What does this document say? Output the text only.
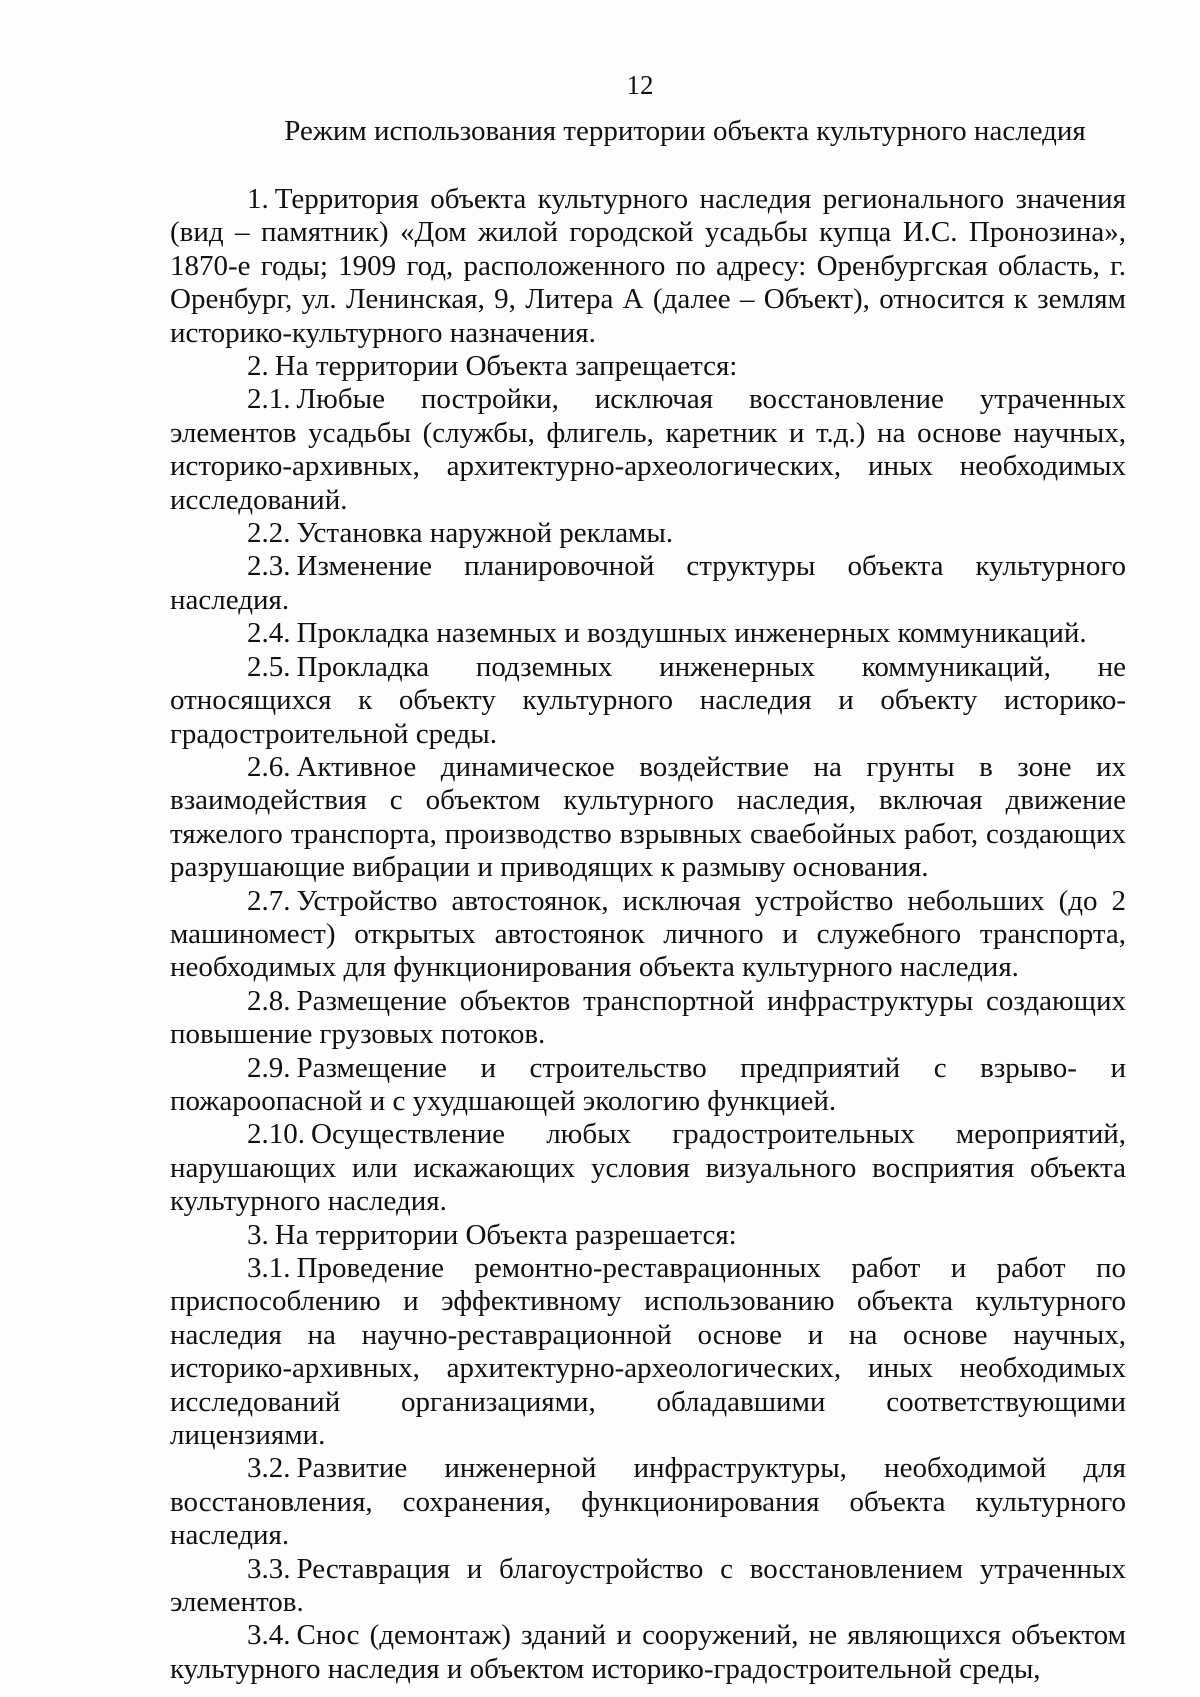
12
Режим использования территории объекта культурного наследия

1. Территория объекта культурного наследия регионального значения (вид – памятник) «Дом жилой городской усадьбы купца И.С. Пронозина», 1870-е годы; 1909 год, расположенного по адресу: Оренбургская область, г. Оренбург, ул. Ленинская, 9, Литера А (далее – Объект), относится к землям историко-культурного назначения.

2. На территории Объекта запрещается:

2.1. Любые постройки, исключая восстановление утраченных элементов усадьбы (службы, флигель, каретник и т.д.) на основе научных, историко-архивных, архитектурно-археологических, иных необходимых исследований.

2.2. Установка наружной рекламы.

2.3. Изменение планировочной структуры объекта культурного наследия.

2.4. Прокладка наземных и воздушных инженерных коммуникаций.

2.5. Прокладка подземных инженерных коммуникаций, не относящихся к объекту культурного наследия и объекту историко-градостроительной среды.

2.6. Активное динамическое воздействие на грунты в зоне их взаимодействия с объектом культурного наследия, включая движение тяжелого транспорта, производство взрывных сваебойных работ, создающих разрушающие вибрации и приводящих к размыву основания.

2.7. Устройство автостоянок, исключая устройство небольших (до 2 машиномест) открытых автостоянок личного и служебного транспорта, необходимых для функционирования объекта культурного наследия.

2.8. Размещение объектов транспортной инфраструктуры создающих повышение грузовых потоков.

2.9. Размещение и строительство предприятий с взрыво- и пожароопасной и с ухудшающей экологию функцией.

2.10. Осуществление любых градостроительных мероприятий, нарушающих или искажающих условия визуального восприятия объекта культурного наследия.

3. На территории Объекта разрешается:

3.1. Проведение ремонтно-реставрационных работ и работ по приспособлению и эффективному использованию объекта культурного наследия на научно-реставрационной основе и на основе научных, историко-архивных, архитектурно-археологических, иных необходимых исследований организациями, обладавшими соответствующими лицензиями.

3.2. Развитие инженерной инфраструктуры, необходимой для восстановления, сохранения, функционирования объекта культурного наследия.

3.3. Реставрация и благоустройство с восстановлением утраченных элементов.

3.4. Снос (демонтаж) зданий и сооружений, не являющихся объектом культурного наследия и объектом историко-градостроительной среды,
